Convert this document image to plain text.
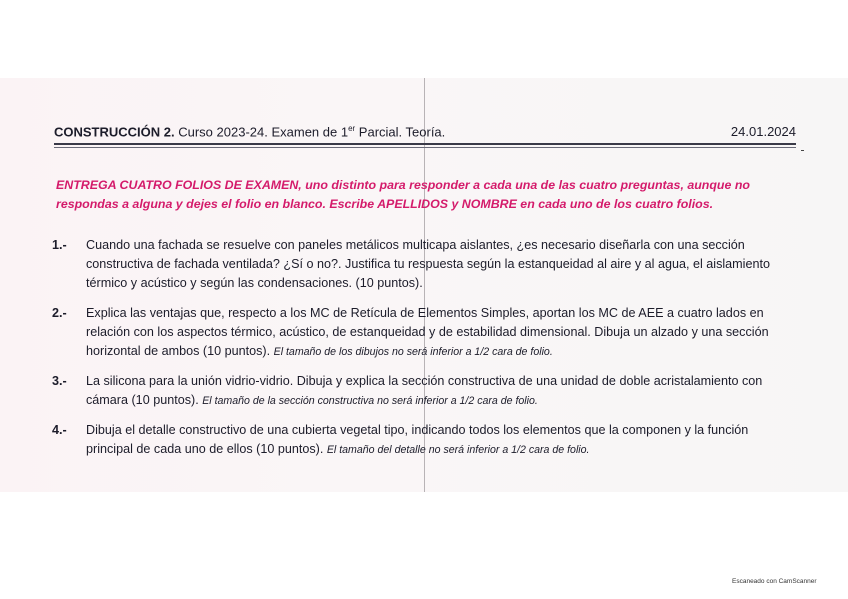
CONSTRUCCIÓN 2. Curso 2023-24. Examen de 1er Parcial. Teoría.	24.01.2024
ENTREGA CUATRO FOLIOS DE EXAMEN, uno distinto para responder a cada una de las cuatro preguntas, aunque no respondas a alguna y dejes el folio en blanco. Escribe APELLIDOS y NOMBRE en cada uno de los cuatro folios.
1.-	Cuando una fachada se resuelve con paneles metálicos multicapa aislantes, ¿es necesario diseñarla con una sección constructiva de fachada ventilada? ¿Sí o no?. Justifica tu respuesta según la estanqueidad al aire y al agua, el aislamiento térmico y acústico y según las condensaciones. (10 puntos).
2.-	Explica las ventajas que, respecto a los MC de Retícula de Elementos Simples, aportan los MC de AEE a cuatro lados en relación con los aspectos térmico, acústico, de estanqueidad y de estabilidad dimensional. Dibuja un alzado y una sección horizontal de ambos (10 puntos). El tamaño de los dibujos no será inferior a 1/2 cara de folio.
3.-	La silicona para la unión vidrio-vidrio. Dibuja y explica la sección constructiva de una unidad de doble acristalamiento con cámara (10 puntos). El tamaño de la sección constructiva no será inferior a 1/2 cara de folio.
4.-	Dibuja el detalle constructivo de una cubierta vegetal tipo, indicando todos los elementos que la componen y la función principal de cada uno de ellos (10 puntos). El tamaño del detalle no será inferior a 1/2 cara de folio.
Escaneado con CamScanner
